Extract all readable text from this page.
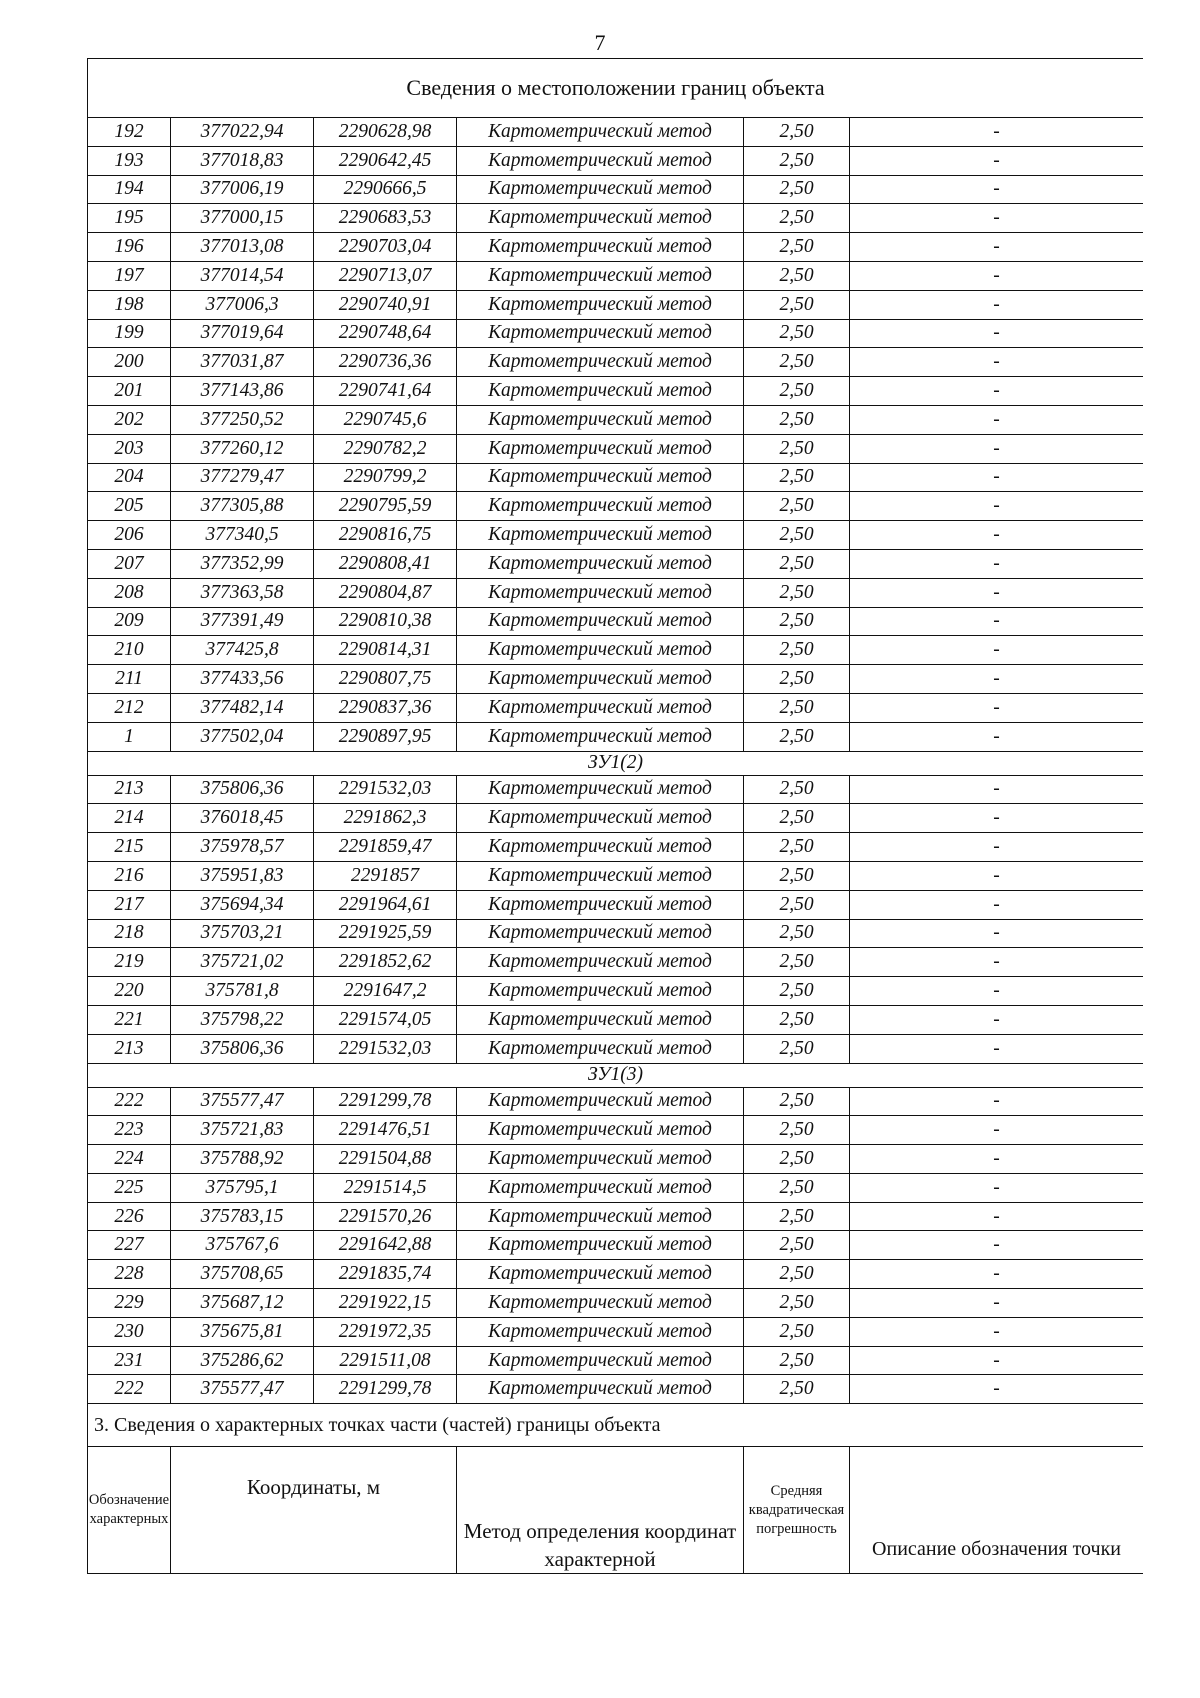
7
Сведения о местоположении границ объекта					
192	377022,94	2290628,98	Картометрический метод	2,50	-
193	377018,83	2290642,45	Картометрический метод	2,50	-
194	377006,19	2290666,5	Картометрический метод	2,50	-
195	377000,15	2290683,53	Картометрический метод	2,50	-
196	377013,08	2290703,04	Картометрический метод	2,50	-
197	377014,54	2290713,07	Картометрический метод	2,50	-
198	377006,3	2290740,91	Картометрический метод	2,50	-
199	377019,64	2290748,64	Картометрический метод	2,50	-
200	377031,87	2290736,36	Картометрический метод	2,50	-
201	377143,86	2290741,64	Картометрический метод	2,50	-
202	377250,52	2290745,6	Картометрический метод	2,50	-
203	377260,12	2290782,2	Картометрический метод	2,50	-
204	377279,47	2290799,2	Картометрический метод	2,50	-
205	377305,88	2290795,59	Картометрический метод	2,50	-
206	377340,5	2290816,75	Картометрический метод	2,50	-
207	377352,99	2290808,41	Картометрический метод	2,50	-
208	377363,58	2290804,87	Картометрический метод	2,50	-
209	377391,49	2290810,38	Картометрический метод	2,50	-
210	377425,8	2290814,31	Картометрический метод	2,50	-
211	377433,56	2290807,75	Картометрический метод	2,50	-
212	377482,14	2290837,36	Картометрический метод	2,50	-
1	377502,04	2290897,95	Картометрический метод	2,50	-
ЗУ1(2)					
213	375806,36	2291532,03	Картометрический метод	2,50	-
214	376018,45	2291862,3	Картометрический метод	2,50	-
215	375978,57	2291859,47	Картометрический метод	2,50	-
216	375951,83	2291857	Картометрический метод	2,50	-
217	375694,34	2291964,61	Картометрический метод	2,50	-
218	375703,21	2291925,59	Картометрический метод	2,50	-
219	375721,02	2291852,62	Картометрический метод	2,50	-
220	375781,8	2291647,2	Картометрический метод	2,50	-
221	375798,22	2291574,05	Картометрический метод	2,50	-
213	375806,36	2291532,03	Картометрический метод	2,50	-
ЗУ1(3)					
222	375577,47	2291299,78	Картометрический метод	2,50	-
223	375721,83	2291476,51	Картометрический метод	2,50	-
224	375788,92	2291504,88	Картометрический метод	2,50	-
225	375795,1	2291514,5	Картометрический метод	2,50	-
226	375783,15	2291570,26	Картометрический метод	2,50	-
227	375767,6	2291642,88	Картометрический метод	2,50	-
228	375708,65	2291835,74	Картометрический метод	2,50	-
229	375687,12	2291922,15	Картометрический метод	2,50	-
230	375675,81	2291972,35	Картометрический метод	2,50	-
231	375286,62	2291511,08	Картометрический метод	2,50	-
222	375577,47	2291299,78	Картометрический метод	2,50	-
3. Сведения о характерных точках части (частей) границы объекта					
Обозначение характерных	Координаты, м		Метод определения координат характерной	Средняя квадратическая погрешность	Описание обозначения точки
